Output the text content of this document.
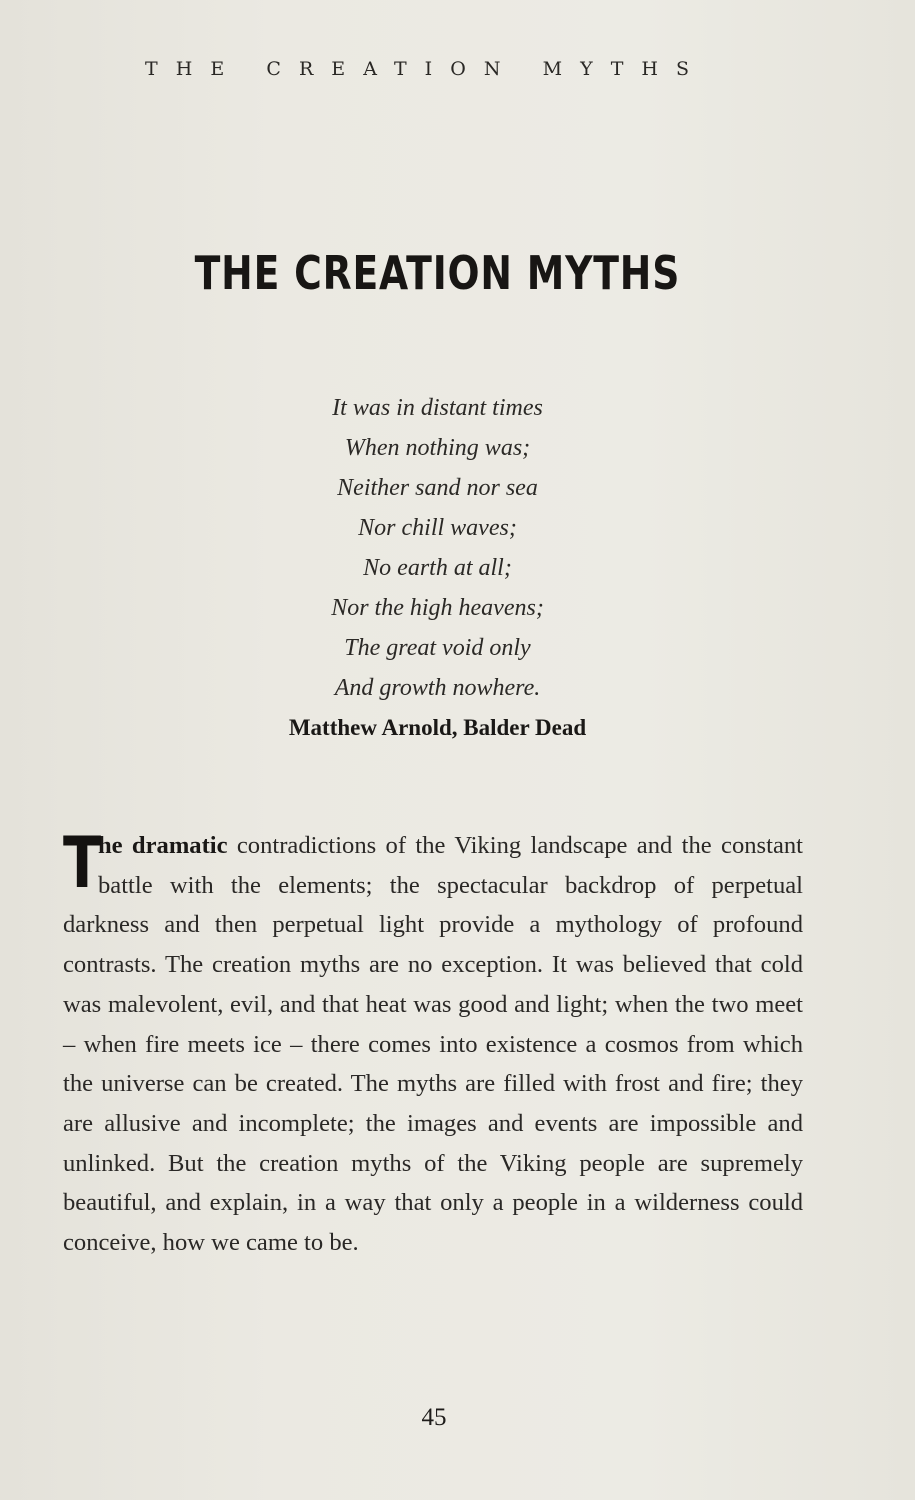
THE CREATION MYTHS
THE CREATION MYTHS
It was in distant times
When nothing was;
Neither sand nor sea
Nor chill waves;
No earth at all;
Nor the high heavens;
The great void only
And growth nowhere.
Matthew Arnold, Balder Dead
T
he dramatic contradictions of the Viking landscape and the constant battle with the elements; the spectacular backdrop of perpetual darkness and then perpetual light provide a mythology of profound contrasts. The creation myths are no exception. It was believed that cold was malevolent, evil, and that heat was good and light; when the two meet – when fire meets ice – there comes into existence a cosmos from which the universe can be created. The myths are filled with frost and fire; they are allusive and incomplete; the images and events are impossible and unlinked. But the creation myths of the Viking people are supremely beautiful, and explain, in a way that only a people in a wilderness could conceive, how we came to be.
45
